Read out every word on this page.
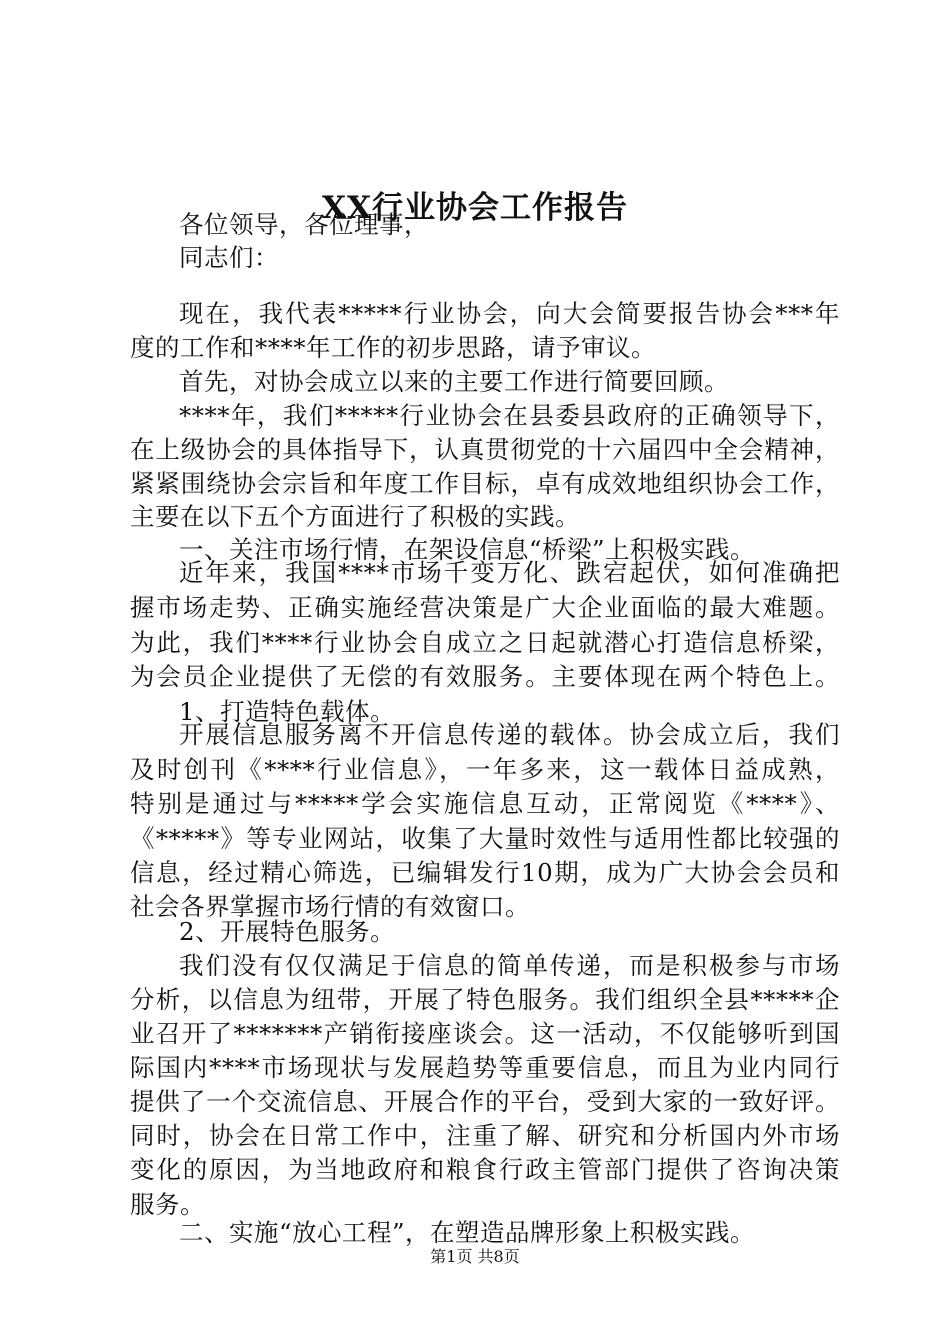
XX行业协会工作报告
各位领导，各位理事，
同志们：
现在，我代表*****行业协会，向大会简要报告协会***年
度的工作和****年工作的初步思路，请予审议。
首先，对协会成立以来的主要工作进行简要回顾。
****年，我们*****行业协会在县委县政府的正确领导下，
在上级协会的具体指导下，认真贯彻党的十六届四中全会精神，
紧紧围绕协会宗旨和年度工作目标，卓有成效地组织协会工作，
主要在以下五个方面进行了积极的实践。
一、关注市场行情，在架设信息“桥梁”上积极实践。
近年来，我国****市场千变万化、跌宕起伏，如何准确把
握市场走势、正确实施经营决策是广大企业面临的最大难题。
为此，我们****行业协会自成立之日起就潜心打造信息桥梁，
为会员企业提供了无偿的有效服务。主要体现在两个特色上。
1、打造特色载体。
开展信息服务离不开信息传递的载体。协会成立后，我们
及时创刊《****行业信息》，一年多来，这一载体日益成熟，
特别是通过与*****学会实施信息互动，正常阅览《****》、
《*****》等专业网站，收集了大量时效性与适用性都比较强的
信息，经过精心筛选，已编辑发行10期，成为广大协会会员和
社会各界掌握市场行情的有效窗口。
2、开展特色服务。
我们没有仅仅满足于信息的简单传递，而是积极参与市场
分析，以信息为纽带，开展了特色服务。我们组织全县*****企
业召开了*******产销衔接座谈会。这一活动，不仅能够听到国
际国内****市场现状与发展趋势等重要信息，而且为业内同行
提供了一个交流信息、开展合作的平台，受到大家的一致好评。
同时，协会在日常工作中，注重了解、研究和分析国内外市场
变化的原因，为当地政府和粮食行政主管部门提供了咨询决策
服务。
二、实施“放心工程”，在塑造品牌形象上积极实践。
第1页 共8页
